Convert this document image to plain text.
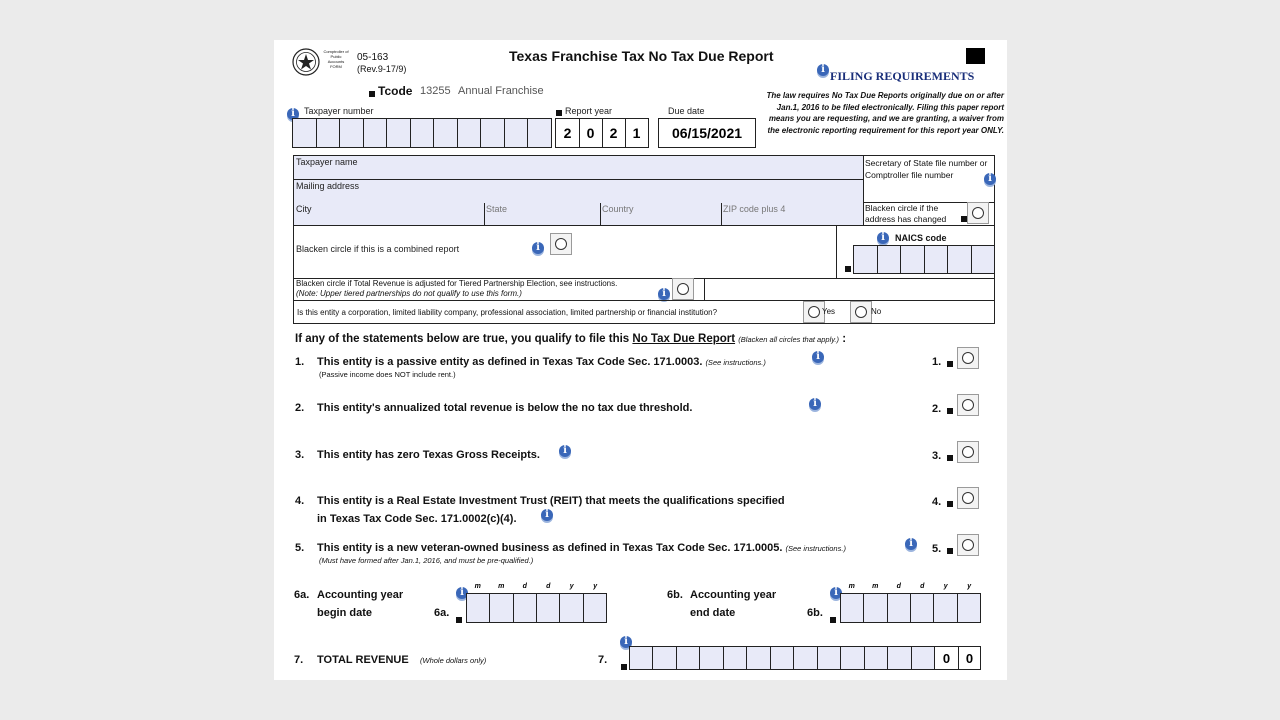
Comptroller of Public Accounts FORM
05-163
(Rev.9-17/9)
Texas Franchise Tax No Tax Due Report
i FILING REQUIREMENTS
The law requires No Tax Due Reports originally due on or after Jan.1, 2016 to be filed electronically. Filing this paper report means you are requesting, and we are granting, a waiver from the electronic reporting requirement for this report year ONLY.
Tcode 13255 Annual Franchise
i	Taxpayer number	Report year
2	0	2	1
Due date
06/15/2021
Taxpayer name
Mailing address
Secretary of State file number or Comptroller file number	i
City	State	Country	ZIP code plus 4	Blacken circle if the address has changed
Blacken circle if this is a combined report	i
i	NAICS code
Blacken circle if Total Revenue is adjusted for Tiered Partnership Election, see instructions.
(Note: Upper tiered partnerships do not qualify to use this form.)	i
Is this entity a corporation, limited liability company, professional association, limited partnership or financial institution?	Yes	No
If any of the statements below are true, you qualify to file this No Tax Due Report (Blacken all circles that apply.) :
1. This entity is a passive entity as defined in Texas Tax Code Sec. 171.0003. (See instructions.)
i
(Passive income does NOT include rent.)
1.
2. This entity's annualized total revenue is below the no tax due threshold.	i	2.
3. This entity has zero Texas Gross Receipts.	i	3.
4. This entity is a Real Estate Investment Trust (REIT) that meets the qualifications specified
in Texas Tax Code Sec. 171.0002(c)(4).	i
4.
5. This entity is a new veteran-owned business as defined in Texas Tax Code Sec. 171.0005. (See instructions.)	i
(Must have formed after Jan.1, 2016, and must be pre-qualified.)
5.
6a. Accounting year
begin date	6a.
i
m	m	d	d	y	y
6b. Accounting year
end date	6b.
i
m	m	d	d	y	y
7. TOTAL REVENUE (Whole dollars only)	7.
i
0	0
